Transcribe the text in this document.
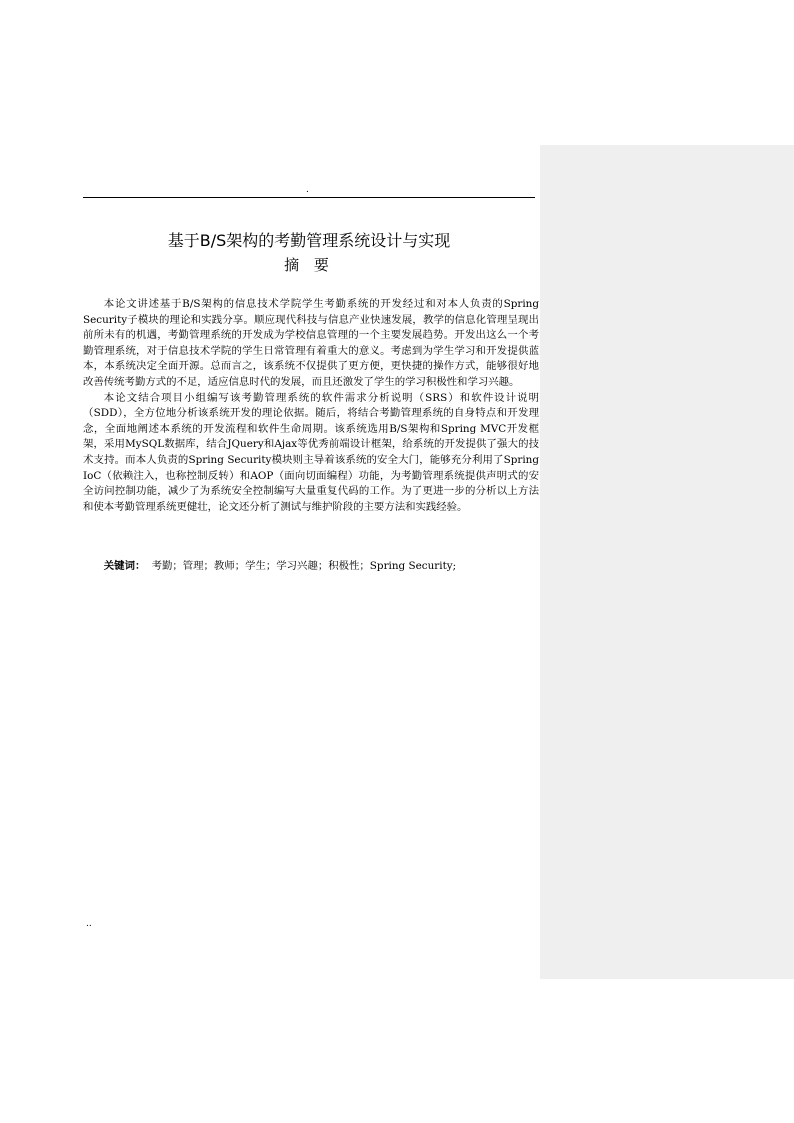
.
基于B/S架构的考勤管理系统设计与实现
摘 要

本论文讲述基于B/S架构的信息技术学院学生考勤系统的开发经过和对本人负责的Spring Security子模块的理论和实践分享。顺应现代科技与信息产业快速发展，教学的信息化管理呈现出前所未有的机遇，考勤管理系统的开发成为学校信息管理的一个主要发展趋势。开发出这么一个考勤管理系统，对于信息技术学院的学生日常管理有着重大的意义。考虑到为学生学习和开发提供蓝本，本系统决定全面开源。总而言之，该系统不仅提供了更方便，更快捷的操作方式，能够很好地改善传统考勤方式的不足，适应信息时代的发展，而且还激发了学生的学习积极性和学习兴趣。

本论文结合项目小组编写该考勤管理系统的软件需求分析说明（SRS）和软件设计说明（SDD），全方位地分析该系统开发的理论依据。随后，将结合考勤管理系统的自身特点和开发理念，全面地阐述本系统的开发流程和软件生命周期。该系统选用B/S架构和Spring MVC开发框架，采用MySQL数据库，结合JQuery和Ajax等优秀前端设计框架，给系统的开发提供了强大的技术支持。而本人负责的Spring Security模块则主导着该系统的安全大门，能够充分利用了Spring IoC（依赖注入，也称控制反转）和AOP（面向切面编程）功能，为考勤管理系统提供声明式的安全访问控制功能，减少了为系统安全控制编写大量重复代码的工作。为了更进一步的分析以上方法和使本考勤管理系统更健壮，论文还分析了测试与维护阶段的主要方法和实践经验。

关键词： 考勤；管理；教师；学生；学习兴趣；积极性；Spring Security;
..
